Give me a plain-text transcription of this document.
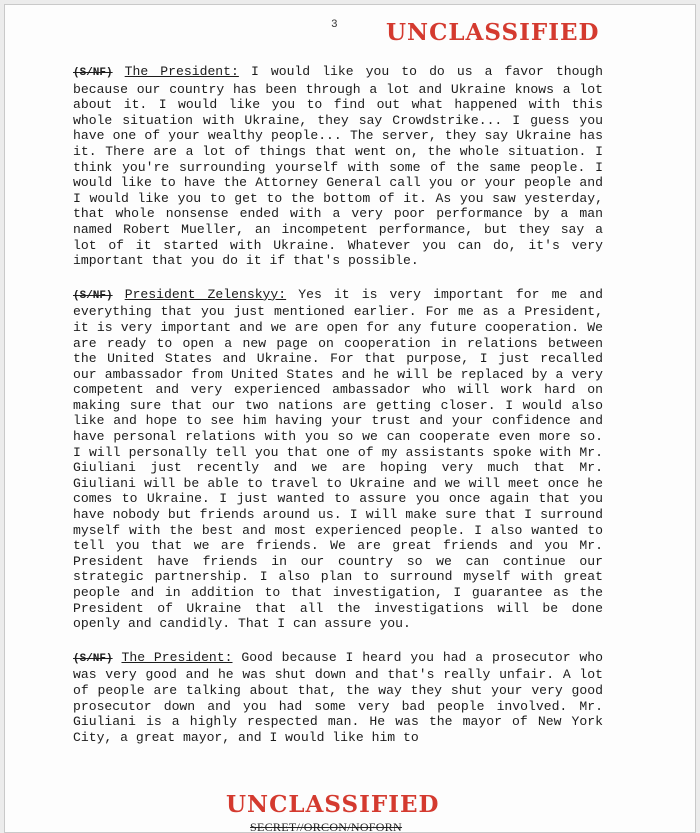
3 UNCLASSIFIED

(S/NF) The President: I would like you to do us a favor though because our country has been through a lot and Ukraine knows a lot about it. I would like you to find out what happened with this whole situation with Ukraine, they say Crowdstrike... I guess you have one of your wealthy people... The server, they say Ukraine has it. There are a lot of things that went on, the whole situation. I think you're surrounding yourself with some of the same people. I would like to have the Attorney General call you or your people and I would like you to get to the bottom of it. As you saw yesterday, that whole nonsense ended with a very poor performance by a man named Robert Mueller, an incompetent performance, but they say a lot of it started with Ukraine. Whatever you can do, it's very important that you do it if that's possible.

(S/NF) President Zelenskyy: Yes it is very important for me and everything that you just mentioned earlier. For me as a President, it is very important and we are open for any future cooperation. We are ready to open a new page on cooperation in relations between the United States and Ukraine. For that purpose, I just recalled our ambassador from United States and he will be replaced by a very competent and very experienced ambassador who will work hard on making sure that our two nations are getting closer. I would also like and hope to see him having your trust and your confidence and have personal relations with you so we can cooperate even more so. I will personally tell you that one of my assistants spoke with Mr. Giuliani just recently and we are hoping very much that Mr. Giuliani will be able to travel to Ukraine and we will meet once he comes to Ukraine. I just wanted to assure you once again that you have nobody but friends around us. I will make sure that I surround myself with the best and most experienced people. I also wanted to tell you that we are friends. We are great friends and you Mr. President have friends in our country so we can continue our strategic partnership. I also plan to surround myself with great people and in addition to that investigation, I guarantee as the President of Ukraine that all the investigations will be done openly and candidly. That I can assure you.

(S/NF) The President: Good because I heard you had a prosecutor who was very good and he was shut down and that's really unfair. A lot of people are talking about that, the way they shut your very good prosecutor down and you had some very bad people involved. Mr. Giuliani is a highly respected man. He was the mayor of New York City, a great mayor, and I would like him to

UNCLASSIFIED
SECRET//ORCON/NOFORN
